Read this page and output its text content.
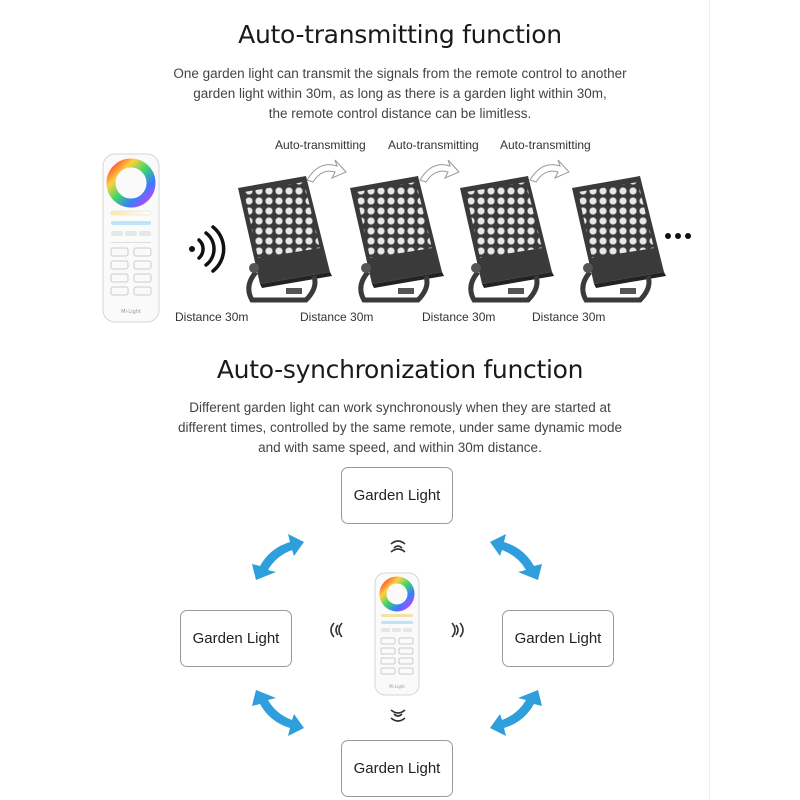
Auto-transmitting function
One garden light can transmit the signals from the remote control to another
garden light within 30m, as long as there is a garden light within 30m,
the remote control distance can be limitless.
Mi·Light
Auto-transmitting Auto-transmitting Auto-transmitting
Distance 30m	Distance 30m	Distance 30m	Distance 30m
Auto-synchronization function
Different garden light can work synchronously when they are started at
different times, controlled by the same remote, under same dynamic mode
and with same speed, and within 30m distance.
Garden Light
Garden Light	Garden Light
Garden Light
Mi·Light
